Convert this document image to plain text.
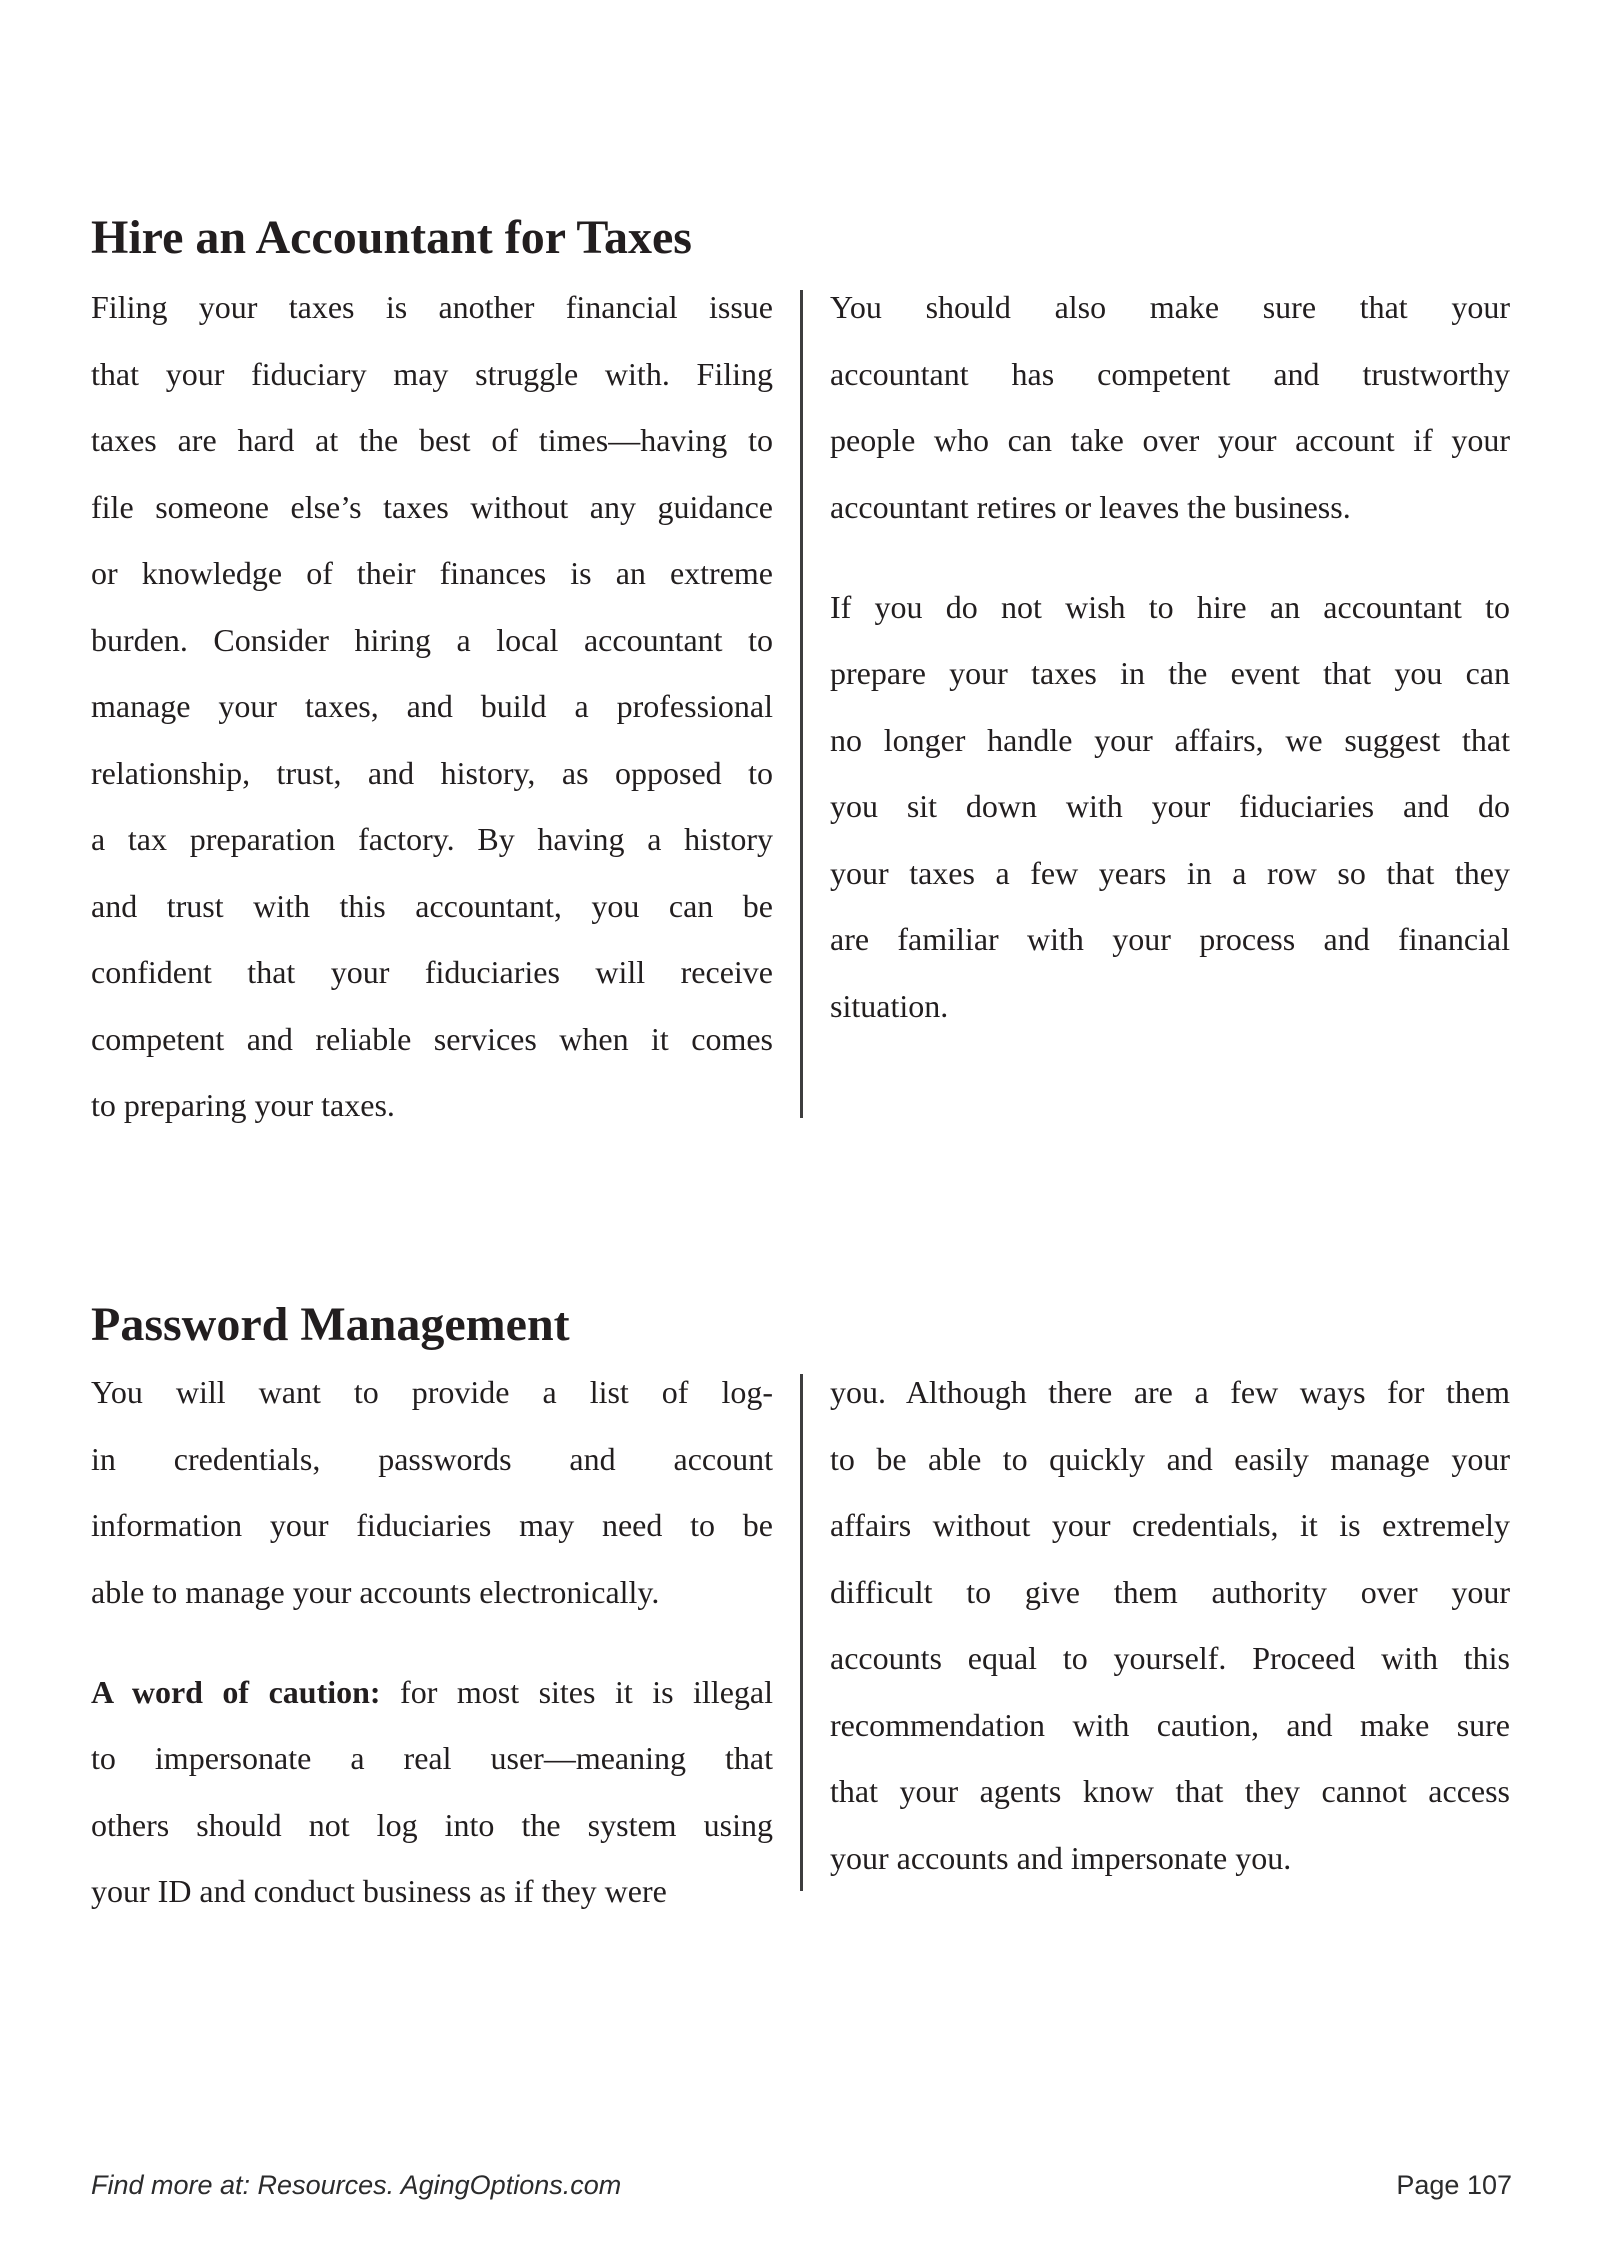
Hire an Accountant for Taxes
Filing your taxes is another financial issue
that your fiduciary may struggle with. Filing
taxes are hard at the best of times—having to
file someone else’s taxes without any guidance
or knowledge of their finances is an extreme
burden. Consider hiring a local accountant to
manage your taxes, and build a professional
relationship, trust, and history, as opposed to
a tax preparation factory. By having a history
and trust with this accountant, you can be
confident that your fiduciaries will receive
competent and reliable services when it comes
to preparing your taxes.
You should also make sure that your
accountant has competent and trustworthy
people who can take over your account if your
accountant retires or leaves the business.
If you do not wish to hire an accountant to
prepare your taxes in the event that you can
no longer handle your affairs, we suggest that
you sit down with your fiduciaries and do
your taxes a few years in a row so that they
are familiar with your process and financial
situation.
Password Management
You will want to provide a list of log-
in credentials, passwords and account
information your fiduciaries may need to be
able to manage your accounts electronically.
A word of caution: for most sites it is illegal
to impersonate a real user—meaning that
others should not log into the system using
your ID and conduct business as if they were
you. Although there are a few ways for them
to be able to quickly and easily manage your
affairs without your credentials, it is extremely
difficult to give them authority over your
accounts equal to yourself. Proceed with this
recommendation with caution, and make sure
that your agents know that they cannot access
your accounts and impersonate you.
Find more at: Resources. AgingOptions.com	Page 107
